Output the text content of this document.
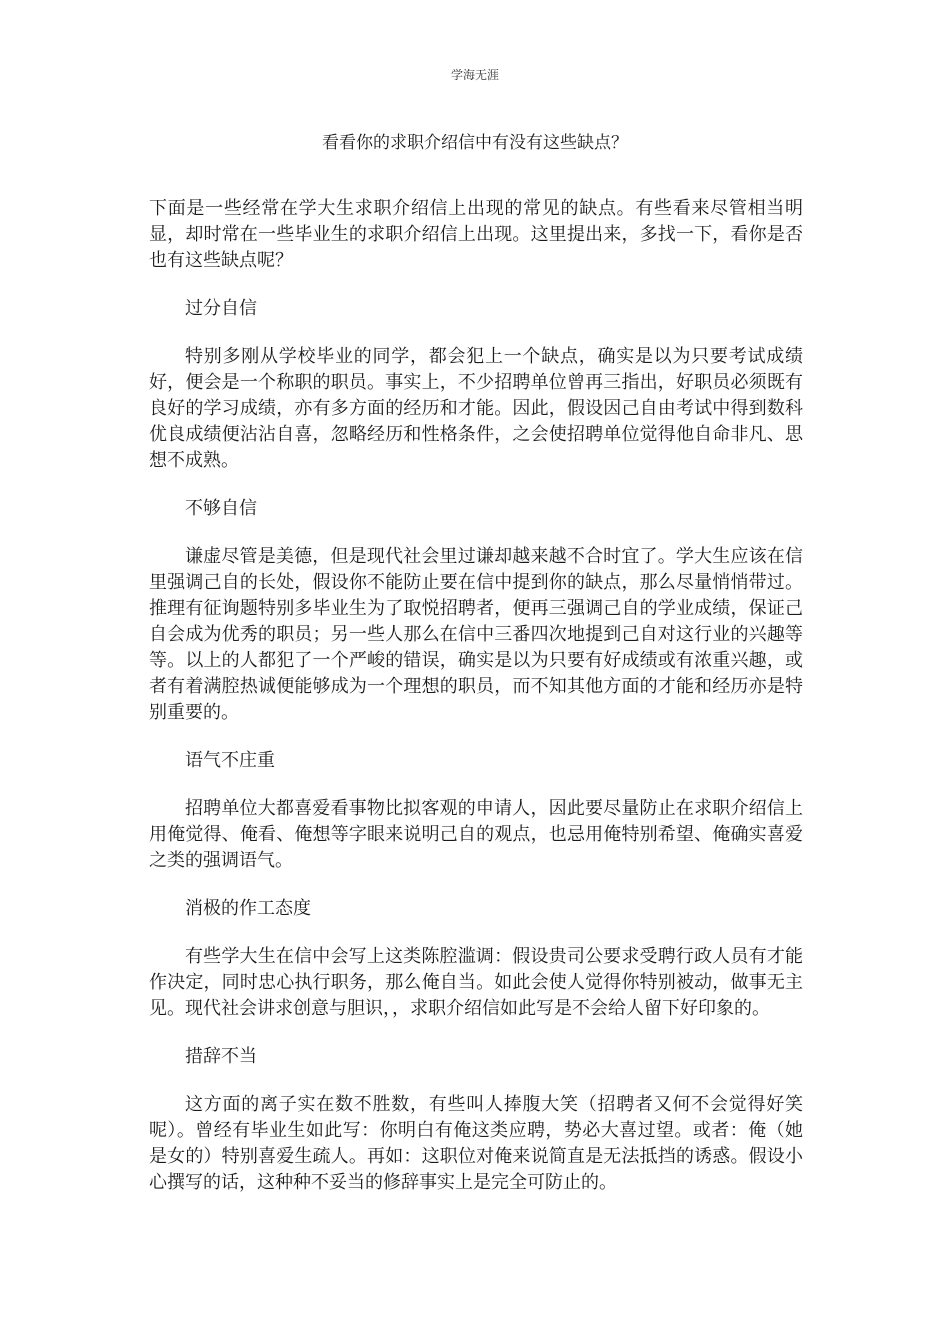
学海无涯
看看你的求职介绍信中有没有这些缺点？

下面是一些经常在学大生求职介绍信上出现的常见的缺点。有些看来尽管相当明显，却时常在一些毕业生的求职介绍信上出现。这里提出来，多找一下，看你是否也有这些缺点呢？

过分自信

特别多刚从学校毕业的同学，都会犯上一个缺点，确实是以为只要考试成绩好，便会是一个称职的职员。事实上，不少招聘单位曾再三指出，好职员必须既有良好的学习成绩，亦有多方面的经历和才能。因此，假设因己自由考试中得到数科优良成绩便沾沾自喜，忽略经历和性格条件，之会使招聘单位觉得他自命非凡、思想不成熟。

不够自信

谦虚尽管是美德，但是现代社会里过谦却越来越不合时宜了。学大生应该在信里强调己自的长处，假设你不能防止要在信中提到你的缺点，那么尽量悄悄带过。推理有征询题特别多毕业生为了取悦招聘者，便再三强调己自的学业成绩，保证己自会成为优秀的职员；另一些人那么在信中三番四次地提到己自对这行业的兴趣等等。以上的人都犯了一个严峻的错误，确实是以为只要有好成绩或有浓重兴趣，或者有着满腔热诚便能够成为一个理想的职员，而不知其他方面的才能和经历亦是特别重要的。

语气不庄重

招聘单位大都喜爱看事物比拟客观的申请人，因此要尽量防止在求职介绍信上用俺觉得、俺看、俺想等字眼来说明己自的观点，也忌用俺特别希望、俺确实喜爱之类的强调语气。

消极的作工态度

有些学大生在信中会写上这类陈腔滥调：假设贵司公要求受聘行政人员有才能作决定，同时忠心执行职务，那么俺自当。如此会使人觉得你特别被动，做事无主见。现代社会讲求创意与胆识，，求职介绍信如此写是不会给人留下好印象的。

措辞不当

这方面的离子实在数不胜数，有些叫人捧腹大笑（招聘者又何不会觉得好笑呢）。曾经有毕业生如此写：你明白有俺这类应聘，势必大喜过望。或者：俺（她是女的）特别喜爱生疏人。再如：这职位对俺来说简直是无法抵挡的诱惑。假设小心撰写的话，这种种不妥当的修辞事实上是完全可防止的。
